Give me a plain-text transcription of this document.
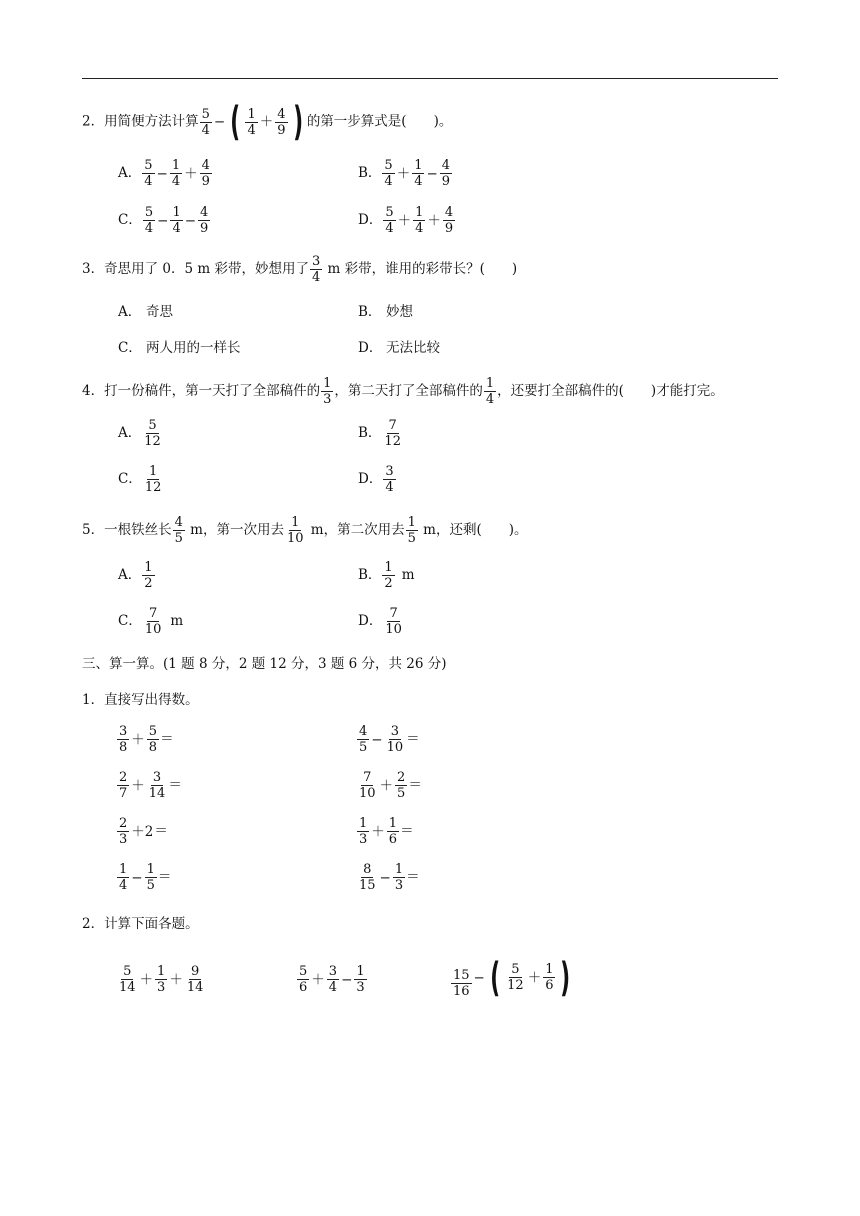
2．用简便方法计算 $\frac{5}{4}$ − ( $\frac{1}{4} + \frac{4}{9}$ ) 的第一步算式是(　　)。
A． $\frac{5}{4} - \frac{1}{4} + \frac{4}{9}$	B． $\frac{5}{4} + \frac{1}{4} - \frac{4}{9}$
C． $\frac{5}{4} - \frac{1}{4} - \frac{4}{9}$	D． $\frac{5}{4} + \frac{1}{4} + \frac{4}{9}$
3．奇思用了 0．5 m 彩带，妙想用了 $\frac{3}{4}$ m 彩带，谁用的彩带长？(　　)
A． 奇思	B． 妙想
C． 两人用的一样长	D． 无法比较
4．打一份稿件，第一天打了全部稿件的 $\frac{1}{3}$ ，第二天打了全部稿件的 $\frac{1}{4}$ ，还要打全部稿件的(　　)才能打完。
A． $\frac{5}{12}$	B． $\frac{7}{12}$
C． $\frac{1}{12}$	D． $\frac{3}{4}$
5．一根铁丝长 $\frac{4}{5}$ m，第一次用去 $\frac{1}{10}$ m，第二次用去 $\frac{1}{5}$ m，还剩(　　)。
A． $\frac{1}{2}$	B． $\frac{1}{2}$ m
C． $\frac{7}{10}$ m	D． $\frac{7}{10}$
三、算一算。(1 题 8 分，2 题 12 分，3 题 6 分，共 26 分)
1．直接写出得数。
$\frac{3}{8} + \frac{5}{8}$ ＝	$\frac{4}{5} - \frac{3}{10}$ ＝
$\frac{2}{7} + \frac{3}{14}$ ＝	$\frac{7}{10} + \frac{2}{5}$ ＝
$\frac{2}{3} +2=$	$\frac{1}{3} + \frac{1}{6}$ ＝
$\frac{1}{4} - \frac{1}{5}$ ＝	$\frac{8}{15} - \frac{1}{3}$ ＝
2．计算下面各题。
$\frac{5}{14} + \frac{1}{3} + \frac{9}{14}$	$\frac{5}{6} + \frac{3}{4} - \frac{1}{3}$	$\frac{15}{16}$ − ( $\frac{5}{12} + \frac{1}{6}$ )
